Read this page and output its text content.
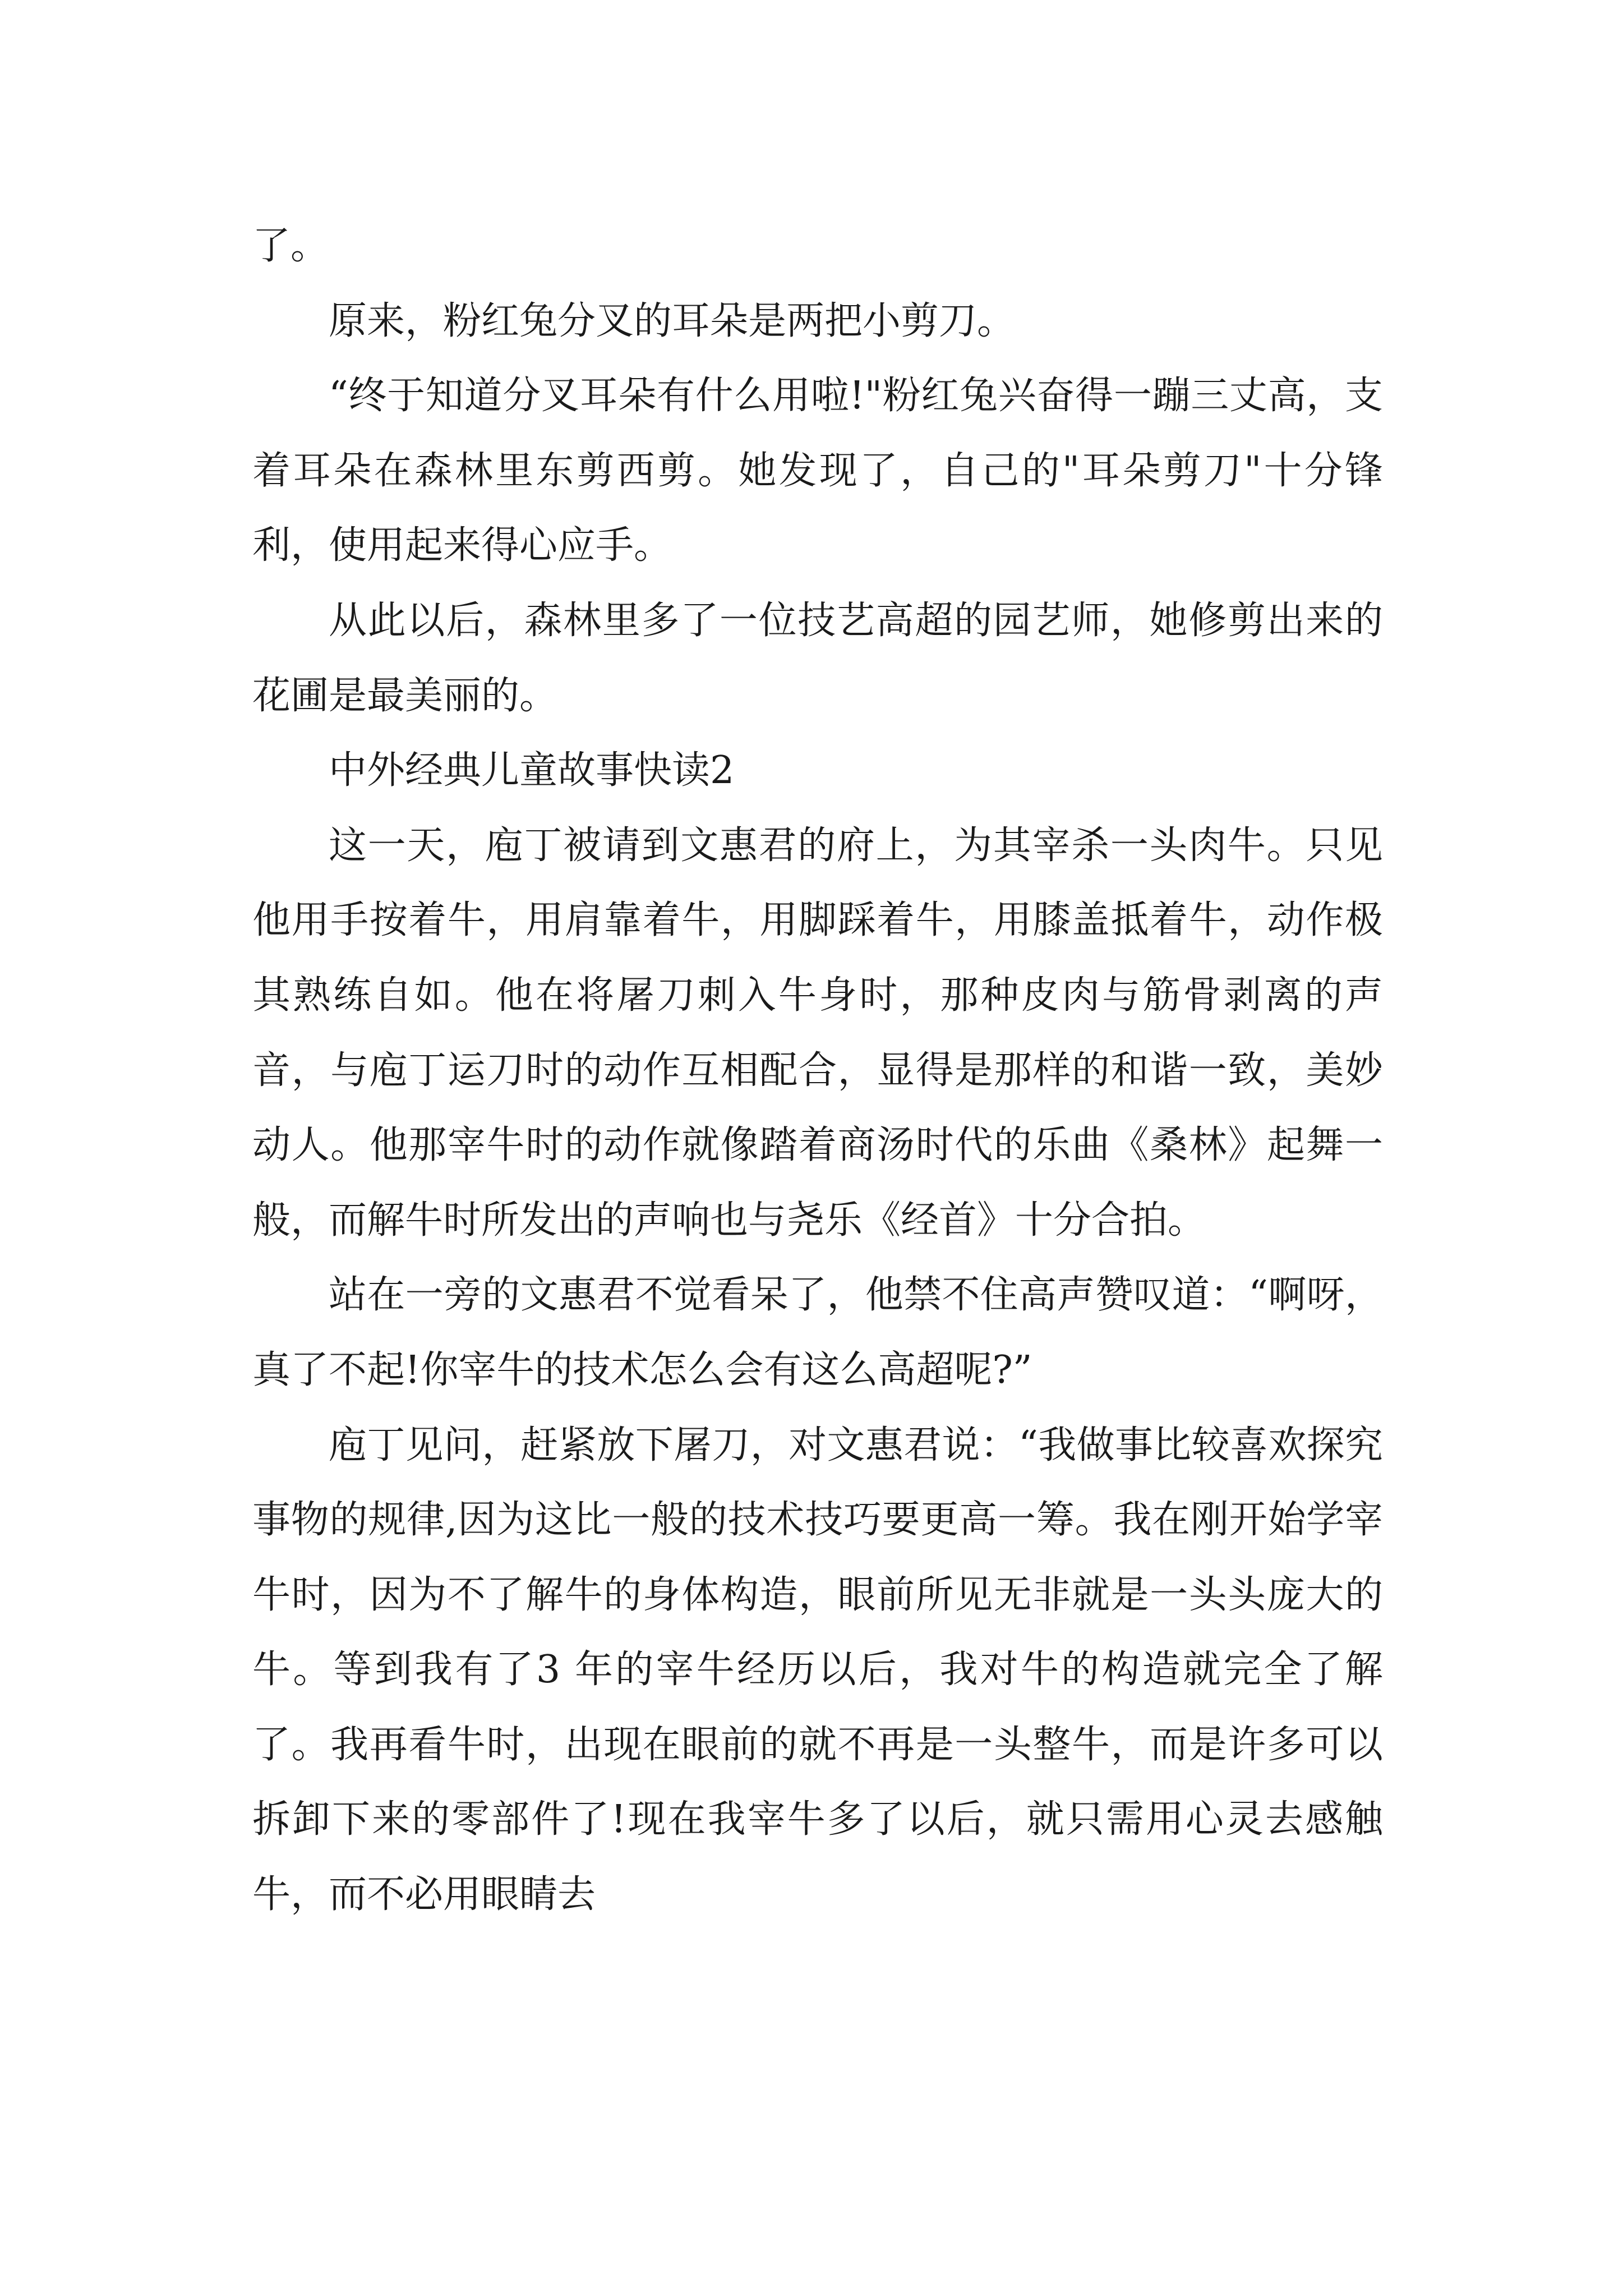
了。

原来，粉红兔分叉的耳朵是两把小剪刀。

“终于知道分叉耳朵有什么用啦!"粉红兔兴奋得一蹦三丈高，支着耳朵在森林里东剪西剪。她发现了，自己的"耳朵剪刀"十分锋利，使用起来得心应手。

从此以后，森林里多了一位技艺高超的园艺师，她修剪出来的花圃是最美丽的。

中外经典儿童故事快读2

这一天，庖丁被请到文惠君的府上，为其宰杀一头肉牛。只见他用手按着牛，用肩靠着牛，用脚踩着牛，用膝盖抵着牛，动作极其熟练自如。他在将屠刀刺入牛身时，那种皮肉与筋骨剥离的声音，与庖丁运刀时的动作互相配合，显得是那样的和谐一致，美妙动人。他那宰牛时的动作就像踏着商汤时代的乐曲《桑林》起舞一般，而解牛时所发出的声响也与尧乐《经首》十分合拍。

站在一旁的文惠君不觉看呆了，他禁不住高声赞叹道：“啊呀，真了不起!你宰牛的技术怎么会有这么高超呢?”

庖丁见问，赶紧放下屠刀，对文惠君说：“我做事比较喜欢探究事物的规律,因为这比一般的技术技巧要更高一筹。我在刚开始学宰牛时，因为不了解牛的身体构造，眼前所见无非就是一头头庞大的牛。等到我有了3 年的宰牛经历以后，我对牛的构造就完全了解了。我再看牛时，出现在眼前的就不再是一头整牛，而是许多可以拆卸下来的零部件了!现在我宰牛多了以后，就只需用心灵去感触牛，而不必用眼睛去
